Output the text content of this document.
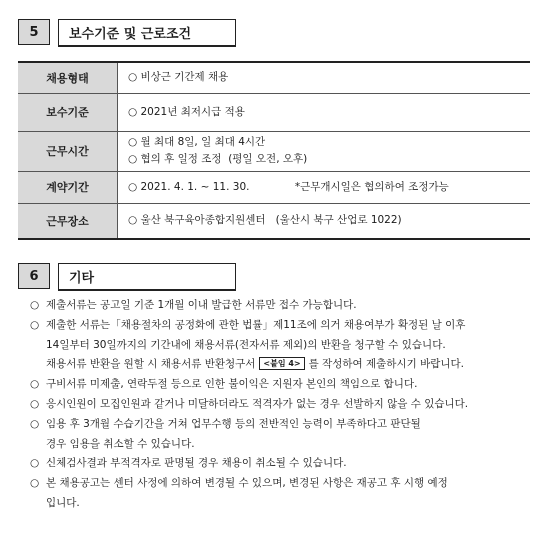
5	보수기준 및 근로조건
채용형태	○ 비상근 기간제 채용
보수기준	○ 2021년 최저시급 적용
근무시간	○ 월 최대 8일, 일 최대 4시간
○ 협의 후 일정 조정  (평일 오전, 오후)

계약기간	○ 2021. 4. 1. ~ 11. 30. *근무개시일은 협의하여 조정가능
근무장소	○ 울산 북구육아종합지원센터   (울산시 북구 산업로 1022)
6	기타
○ 제출서류는 공고일 기준 1개월 이내 발급한 서류만 접수 가능합니다.
○ 제출한 서류는「채용절차의 공정화에 관한 법률」제11조에 의거 채용여부가 확정된 날 이후
14일부터 30일까지의 기간내에 채용서류(전자서류 제외)의 반환을 청구할 수 있습니다.
채용서류 반환을 원할 시 채용서류 반환청구서 <붙임 4> 를 작성하여 제출하시기 바랍니다.
○ 구비서류 미제출, 연락두절 등으로 인한 불이익은 지원자 본인의 책임으로 합니다.
○ 응시인원이 모집인원과 같거나 미달하더라도 적격자가 없는 경우 선발하지 않을 수 있습니다.
○ 임용 후 3개월 수습기간을 거쳐 업무수행 등의 전반적인 능력이 부족하다고 판단될
경우 임용을 취소할 수 있습니다.
○ 신체검사결과 부적격자로 판명될 경우 채용이 취소될 수 있습니다.
○ 본 채용공고는 센터 사정에 의하여 변경될 수 있으며, 변경된 사항은 재공고 후 시행 예정
입니다.
